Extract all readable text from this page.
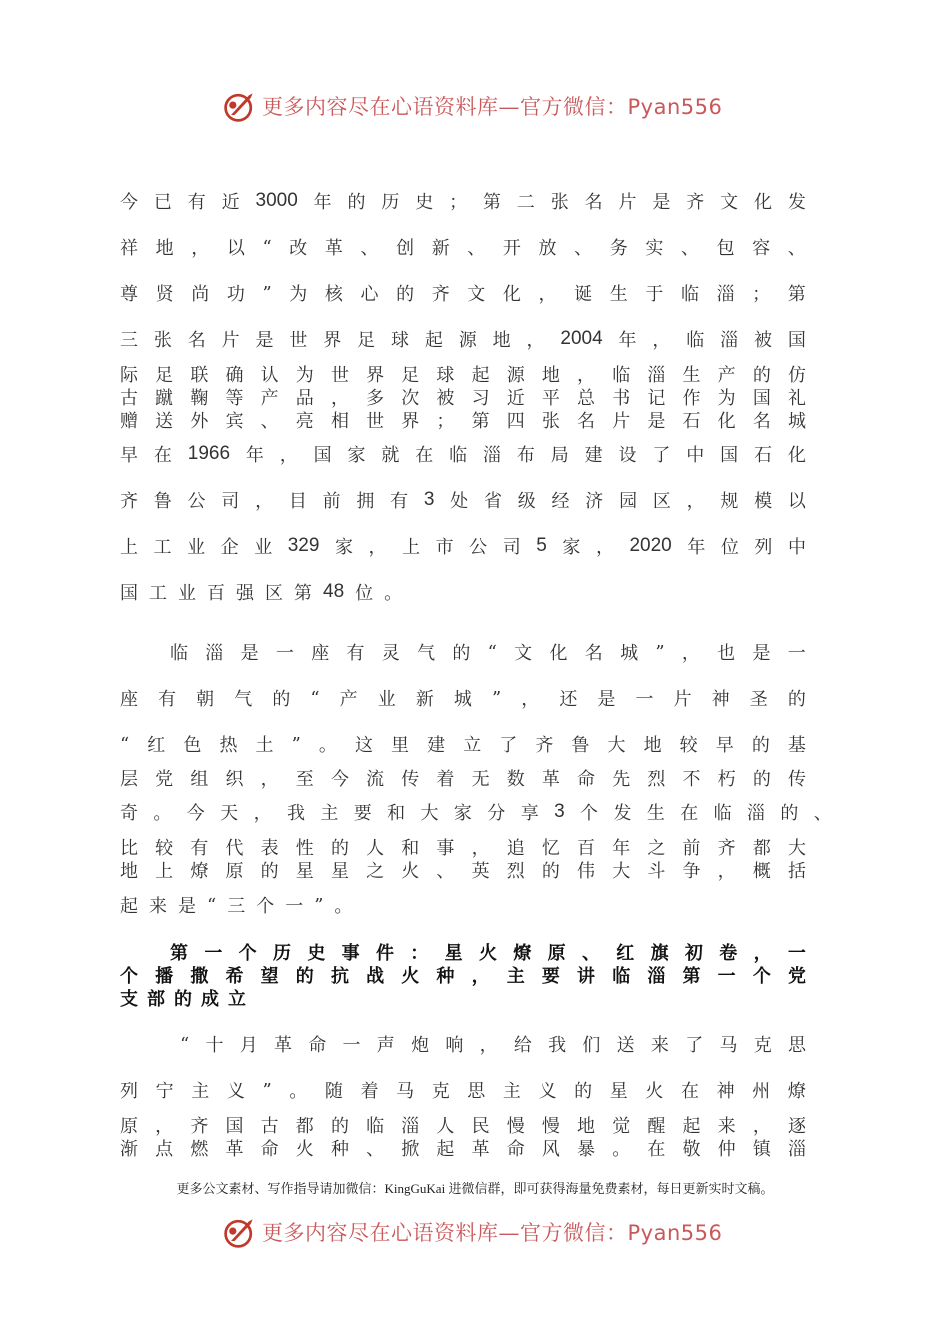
更多内容尽在心语资料库—官方微信：Pyan556
今 已 有 近 3000 年 的 历 史 ； 第 二 张 名 片 是 齐 文 化 发
祥 地 ， 以 “ 改 革 、 创 新 、 开 放 、 务 实 、 包 容 、
尊 贤 尚 功 ” 为 核 心 的 齐 文 化 ， 诞 生 于 临 淄 ； 第
三 张 名 片 是 世 界 足 球 起 源 地 ， 2004 年 ， 临 淄 被 国
际 足 联 确 认 为 世 界 足 球 起 源 地 ， 临 淄 生 产 的 仿
古 蹴 鞠 等 产 品 ， 多 次 被 习 近 平 总 书 记 作 为 国 礼
赠 送 外 宾 、 亮 相 世 界 ； 第 四 张 名 片 是 石 化 名 城
早 在 1966 年 ， 国 家 就 在 临 淄 布 局 建 设 了 中 国 石 化
齐 鲁 公 司 ， 目 前 拥 有 3 处 省 级 经 济 园 区 ， 规 模 以
上 工 业 企 业 329 家 ， 上 市 公 司 5 家 ， 2020 年 位 列 中
国 工 业 百 强 区 第 48 位 。
临 淄 是 一 座 有 灵 气 的 “ 文 化 名 城 ” ， 也 是 一
座 有 朝 气 的 “ 产 业 新 城 ” ， 还 是 一 片 神 圣 的
“ 红 色 热 土 ” 。 这 里 建 立 了 齐 鲁 大 地 较 早 的 基
层 党 组 织 ， 至 今 流 传 着 无 数 革 命 先 烈 不 朽 的 传
奇 。 今 天 ， 我 主 要 和 大 家 分 享 3 个 发 生 在 临 淄 的 、
比 较 有 代 表 性 的 人 和 事 ， 追 忆 百 年 之 前 齐 都 大
地 上 燎 原 的 星 星 之 火 、 英 烈 的 伟 大 斗 争 ， 概 括
起 来 是 “ 三 个 一 ” 。
第 一 个 历 史 事 件 ： 星 火 燎 原 、 红 旗 初 卷 ， 一
个 播 撒 希 望 的 抗 战 火 种 ， 主 要 讲 临 淄 第 一 个 党
支 部 的 成 立
“ 十 月 革 命 一 声 炮 响 ， 给 我 们 送 来 了 马 克 思
列 宁 主 义 ” 。 随 着 马 克 思 主 义 的 星 火 在 神 州 燎
原 ， 齐 国 古 都 的 临 淄 人 民 慢 慢 地 觉 醒 起 来 ， 逐
渐 点 燃 革 命 火 种 、 掀 起 革 命 风 暴 。 在 敬 仲 镇 淄
更多公文素材、写作指导请加微信：KingGuKai 进微信群，即可获得海量免费素材，每日更新实时文稿。
更多内容尽在心语资料库—官方微信：Pyan556
